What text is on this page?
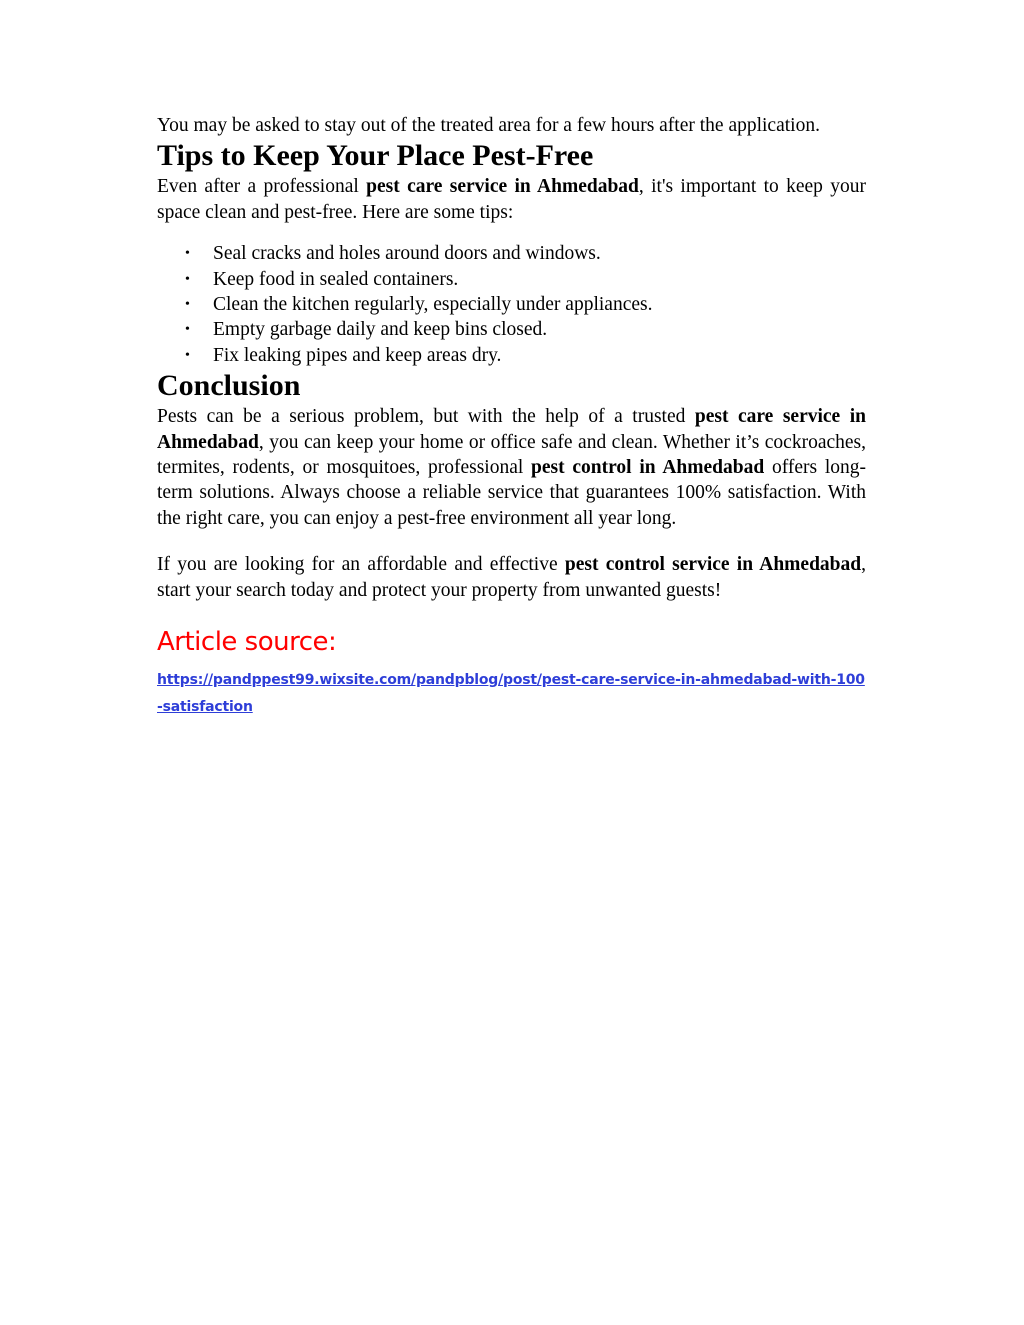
You may be asked to stay out of the treated area for a few hours after the application.

Tips to Keep Your Place Pest-Free

Even after a professional pest care service in Ahmedabad, it's important to keep your space clean and pest-free. Here are some tips:

• Seal cracks and holes around doors and windows.
• Keep food in sealed containers.
• Clean the kitchen regularly, especially under appliances.
• Empty garbage daily and keep bins closed.
• Fix leaking pipes and keep areas dry.
Conclusion

Pests can be a serious problem, but with the help of a trusted pest care service in Ahmedabad, you can keep your home or office safe and clean. Whether it’s cockroaches, termites, rodents, or mosquitoes, professional pest control in Ahmedabad offers long-term solutions. Always choose a reliable service that guarantees 100% satisfaction. With the right care, you can enjoy a pest-free environment all year long.

If you are looking for an affordable and effective pest control service in Ahmedabad, start your search today and protect your property from unwanted guests!

Article source:
https://pandppest99.wixsite.com/pandpblog/post/pest-care-service-in-ahmedabad-with-100-satisfaction
